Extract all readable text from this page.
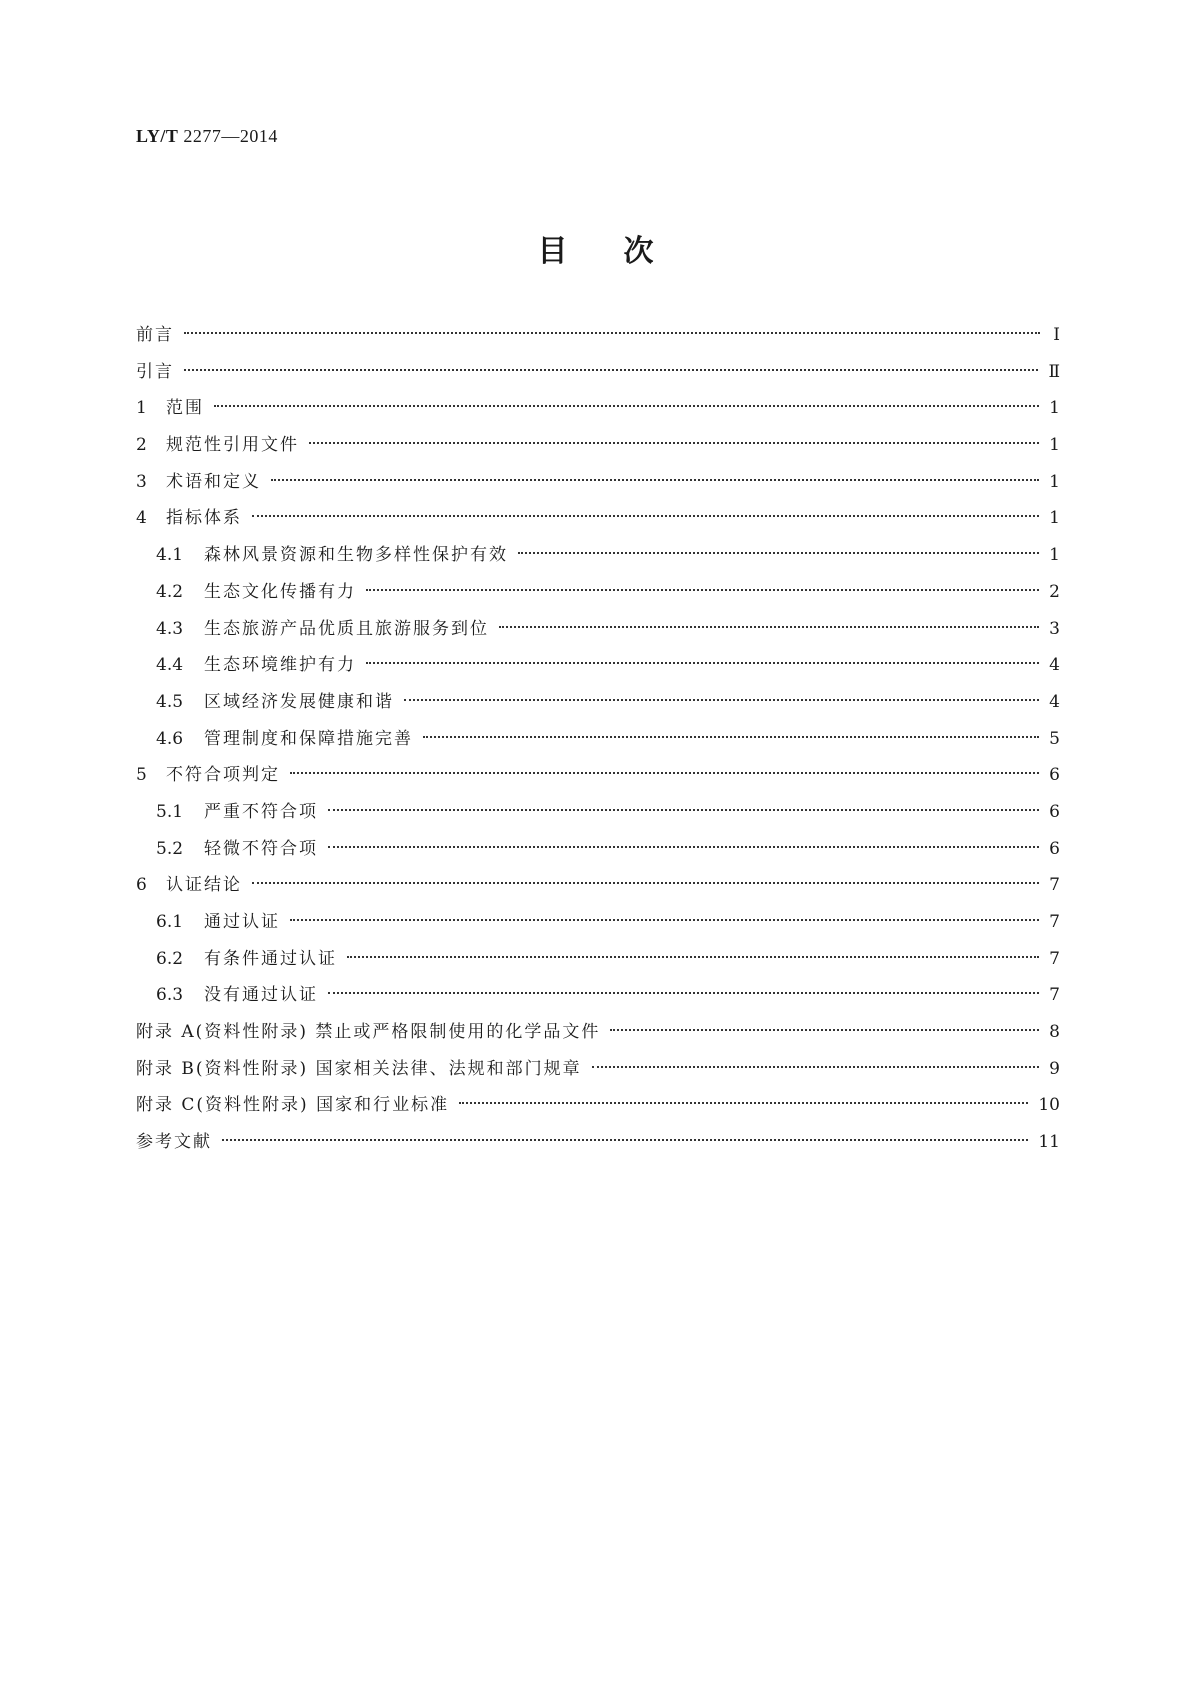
LY/T 2277—2014
目次
前言	Ⅰ
引言	Ⅱ
1	范围	1
2	规范性引用文件	1
3	术语和定义	1
4	指标体系	1
4.1	森林风景资源和生物多样性保护有效	1
4.2	生态文化传播有力	2
4.3	生态旅游产品优质且旅游服务到位	3
4.4	生态环境维护有力	4
4.5	区域经济发展健康和谐	4
4.6	管理制度和保障措施完善	5
5	不符合项判定	6
5.1	严重不符合项	6
5.2	轻微不符合项	6
6	认证结论	7
6.1	通过认证	7
6.2	有条件通过认证	7
6.3	没有通过认证	7
附录 A(资料性附录) 禁止或严格限制使用的化学品文件	8
附录 B(资料性附录) 国家相关法律、法规和部门规章	9
附录 C(资料性附录) 国家和行业标准	10
参考文献	11
